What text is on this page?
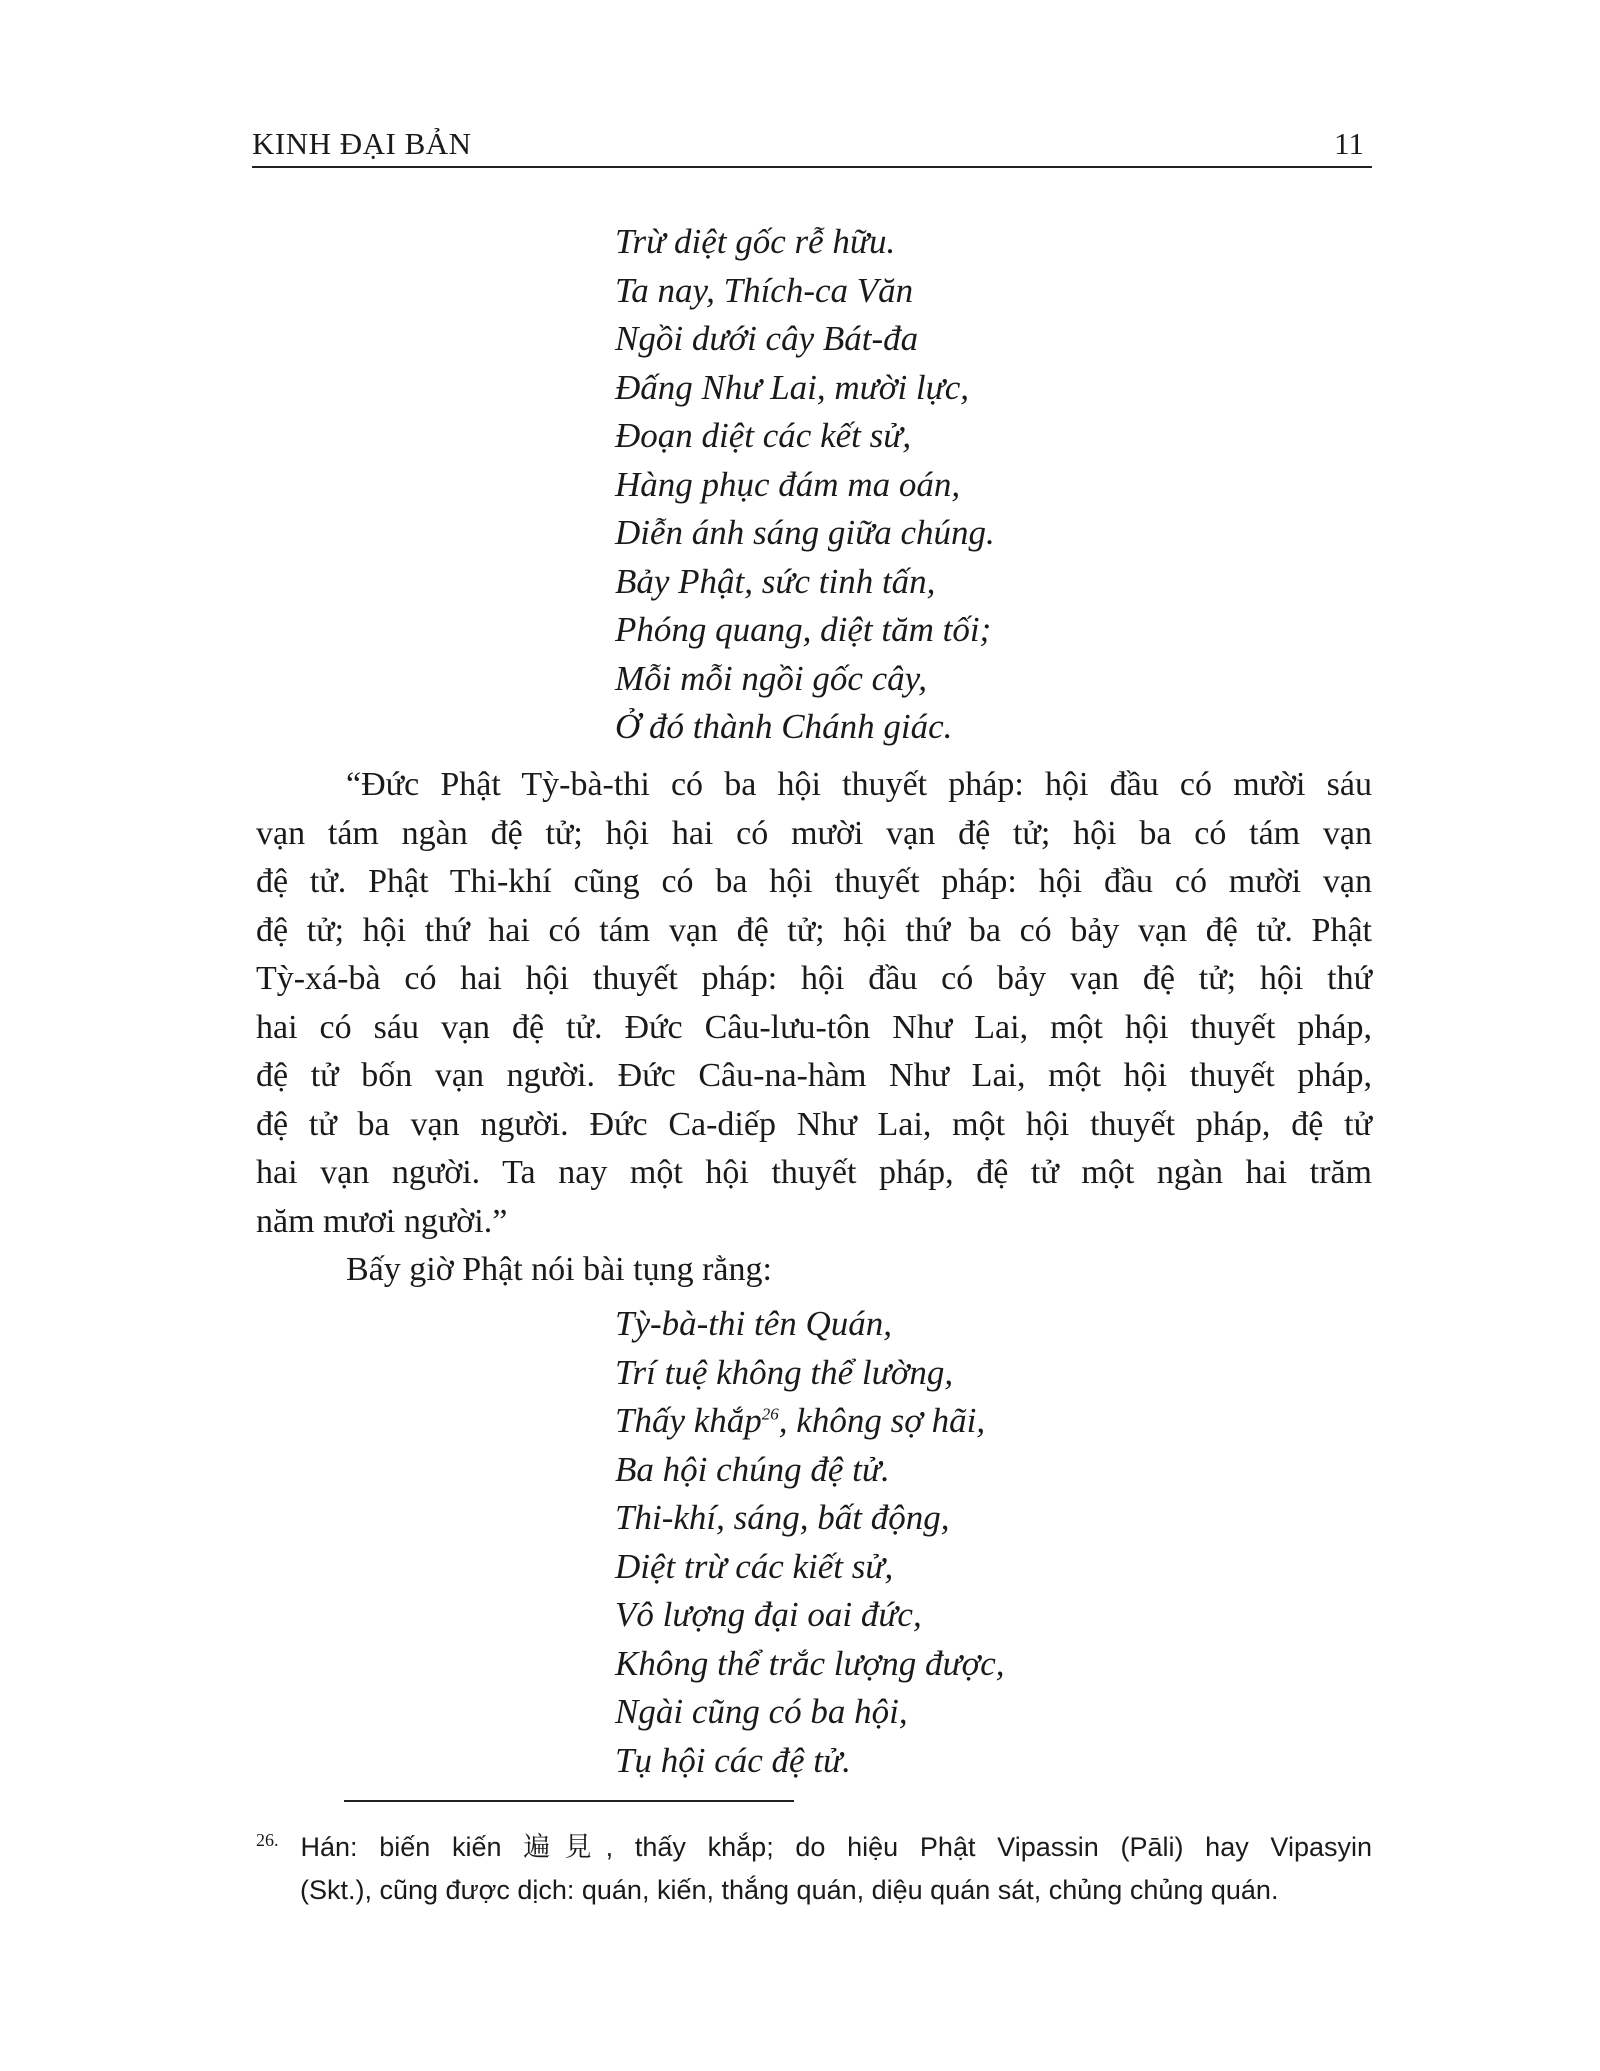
KINH ĐẠI BẢN	11
Trừ diệt gốc rễ hữu.
Ta nay, Thích-ca Văn
Ngồi dưới cây Bát-đa
Đấng Như Lai, mười lực,
Đoạn diệt các kết sử,
Hàng phục đám ma oán,
Diễn ánh sáng giữa chúng.
Bảy Phật, sức tinh tấn,
Phóng quang, diệt tăm tối;
Mỗi mỗi ngồi gốc cây,
Ở đó thành Chánh giác.
“Đức Phật Tỳ-bà-thi có ba hội thuyết pháp: hội đầu có mười sáu
vạn tám ngàn đệ tử; hội hai có mười vạn đệ tử; hội ba có tám vạn
đệ tử. Phật Thi-khí cũng có ba hội thuyết pháp: hội đầu có mười vạn
đệ tử; hội thứ hai có tám vạn đệ tử; hội thứ ba có bảy vạn đệ tử. Phật
Tỳ-xá-bà có hai hội thuyết pháp: hội đầu có bảy vạn đệ tử; hội thứ
hai có sáu vạn đệ tử. Đức Câu-lưu-tôn Như Lai, một hội thuyết pháp,
đệ tử bốn vạn người. Đức Câu-na-hàm Như Lai, một hội thuyết pháp,
đệ tử ba vạn người. Đức Ca-diếp Như Lai, một hội thuyết pháp, đệ tử
hai vạn người. Ta nay một hội thuyết pháp, đệ tử một ngàn hai trăm
năm mươi người.”
Bấy giờ Phật nói bài tụng rằng:
Tỳ-bà-thi tên Quán,
Trí tuệ không thể lường,
Thấy khắp$^{26}$, không sợ hãi,
Ba hội chúng đệ tử.
Thi-khí, sáng, bất động,
Diệt trừ các kiết sử,
Vô lượng đại oai đức,
Không thể trắc lượng được,
Ngài cũng có ba hội,
Tụ hội các đệ tử.
$^{26.}$ Hán: biến kiến 遍見, thấy khắp; do hiệu Phật Vipassin (Pāli) hay Vipasyin
(Skt.), cũng được dịch: quán, kiến, thắng quán, diệu quán sát, chủng chủng quán.
